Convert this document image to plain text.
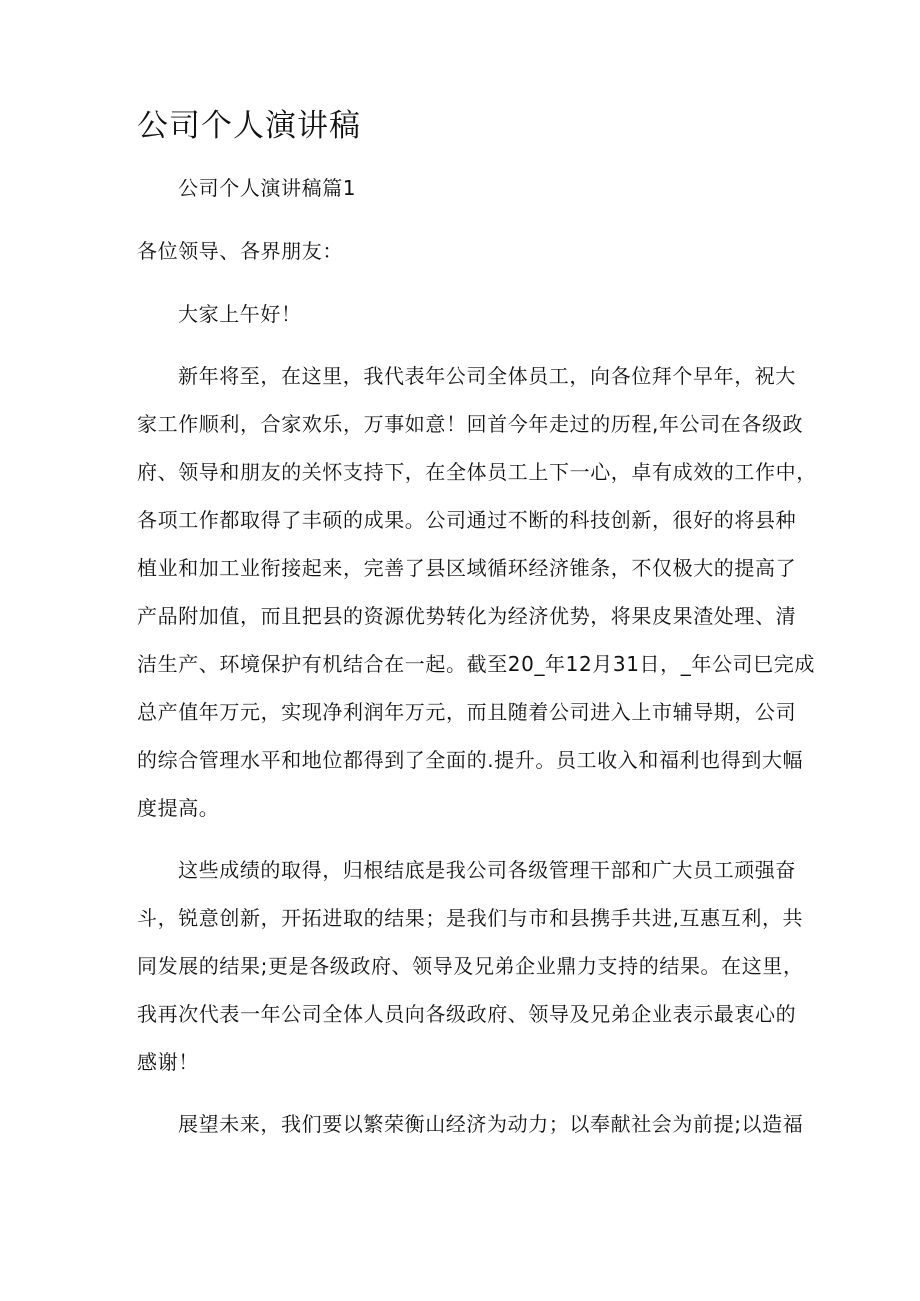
公司个人演讲稿

公司个人演讲稿篇1

各位领导、各界朋友：

大家上午好！

新年将至，在这里，我代表年公司全体员工，向各位拜个早年，祝大

家工作顺利，合家欢乐，万事如意！回首今年走过的历程,年公司在各级政
府、领导和朋友的关怀支持下，在全体员工上下一心，卓有成效的工作中，
各项工作都取得了丰硕的成果。公司通过不断的科技创新，很好的将县种
植业和加工业衔接起来，完善了县区域循环经济锥条，不仅极大的提高了
产品附加值，而且把县的资源优势转化为经济优势，将果皮果渣处理、清
洁生产、环境保护有机结合在一起。截至20_年12月31日，_年公司巳完成
总产值年万元，实现净利润年万元，而且随着公司进入上市辅导期，公司
的综合管理水平和地位都得到了全面的.提升。员工收入和福利也得到大幅
度提高。

这些成绩的取得，归根结底是我公司各级管理干部和广大员工顽强奋

斗，锐意创新，开拓进取的结果；是我们与市和县携手共进,互惠互利，共
同发展的结果;更是各级政府、领导及兄弟企业鼎力支持的结果。在这里，
我再次代表一年公司全体人员向各级政府、领导及兄弟企业表示最衷心的
感谢！

展望未来，我们要以繁荣衡山经济为动力；以奉献社会为前提;以造福
